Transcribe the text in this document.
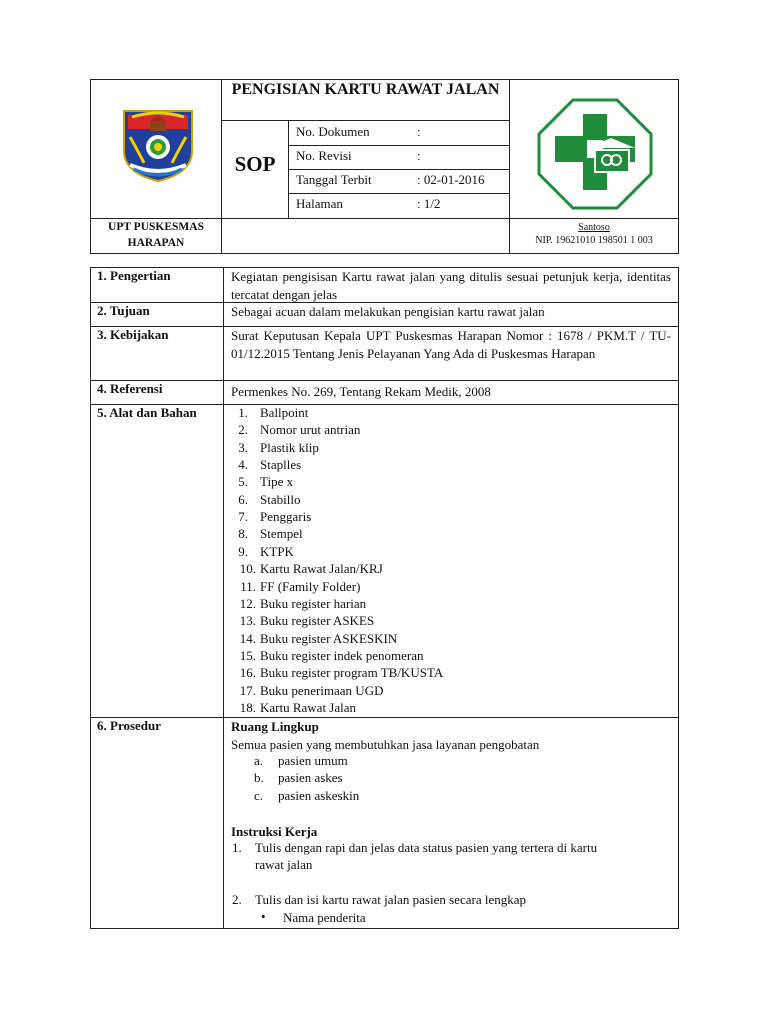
PENGISIAN KARTU RAWAT JALAN
SOP
No. Dokumen	:
No. Revisi	:
Tanggal Terbit	: 02-01-2016
Halaman	: 1/2
UPT PUSKESMAS
HARAPAN
Santoso
NIP. 19621010 198501 1 003
1. Pengertian	Kegiatan pengisisan Kartu rawat jalan yang ditulis sesuai petunjuk kerja, identitas tercatat dengan jelas
2. Tujuan	Sebagai acuan dalam melakukan pengisian kartu rawat jalan
3. Kebijakan	Surat Keputusan Kepala UPT Puskesmas Harapan Nomor : 1678 / PKM.T / TU-01/12.2015 Tentang Jenis Pelayanan Yang Ada di Puskesmas Harapan
4. Referensi	Permenkes No. 269, Tentang Rekam Medik, 2008
5. Alat dan Bahan	1. Ballpoint
2. Nomor urut antrian
3. Plastik klip
4. Staplles
5. Tipe x
6. Stabillo
7. Penggaris
8. Stempel
9. KTPK
10. Kartu Rawat Jalan/KRJ
11. FF (Family Folder)
12. Buku register harian
13. Buku register ASKES
14. Buku register ASKESKIN
15. Buku register indek penomeran
16. Buku register program TB/KUSTA
17. Buku penerimaan UGD
18. Kartu Rawat Jalan
6. Prosedur	Ruang Lingkup
Semua pasien yang membutuhkan jasa layanan pengobatan
a. pasien umum
b. pasien askes
c. pasien askeskin
Instruksi Kerja
1. Tulis dengan rapi dan jelas data status pasien yang tertera di kartu
rawat jalan
2. Tulis dan isi kartu rawat jalan pasien secara lengkap
• Nama penderita
